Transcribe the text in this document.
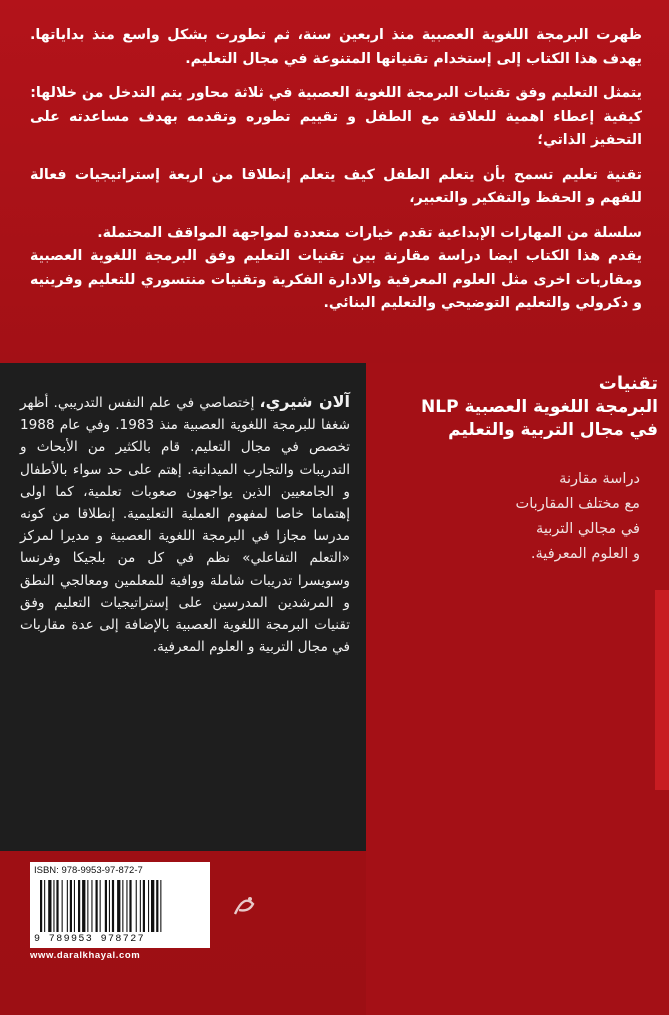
ظهرت البرمجة اللغوية العصبية منذ اربعين سنة، ثم تطورت بشكل واسع منذ بداياتها. يهدف هذا الكتاب إلى إستخدام تقنياتها المتنوعة في مجال التعليم.

يتمثل التعليم وفق تقنيات البرمجة اللغوية العصبية في ثلاثة محاور يتم التدخل من خلالها:

كيفية إعطاء اهمية للعلاقة مع الطفل و تقييم تطوره وتقدمه بهدف مساعدته على التحفيز الذاتي؛

تقنية تعليم تسمح بأن يتعلم الطفل كيف يتعلم إنطلاقا من اربعة إستراتيجيات فعالة للفهم و الحفظ والتفكير والتعبير،

سلسلة من المهارات الإبداعية تقدم خيارات متعددة لمواجهة المواقف المحتملة.

يقدم هذا الكتاب ايضا دراسة مقارنة بين تقنيات التعليم وفق البرمجة اللغوية العصبية ومقاربات اخرى مثل العلوم المعرفية والادارة الفكرية وتقنيات منتسوري للتعليم وفرينيه و دكرولي والتعليم التوضيحي والتعليم البنائي.

آلان شيري، إختصاصي في علم النفس التدريبي. أظهر شغفا للبرمجة اللغوية العصبية منذ 1983. وفي عام 1988 تخصص في مجال التعليم. قام بالكثير من الأبحاث و التدريبات والتجارب الميدانية. إهتم على حد سواء بالأطفال و الجامعيين الذين يواجهون صعوبات تعلمية، كما اولى إهتماما خاصا لمفهوم العملية التعليمية. إنطلاقا من كونه مدرسا مجازا في البرمجة اللغوية العصبية و مديرا لمركز «التعلم التفاعلي» نظم في كل من بلجيكا وفرنسا وسويسرا تدريبات شاملة ووافية للمعلمين ومعالجي النطق و المرشدين المدرسين على إستراتيجيات التعليم وفق تقنيات البرمجة اللغوية العصبية بالإضافة إلى عدة مقاربات في مجال التربية و العلوم المعرفية.
تقنيات
البرمجة اللغوية العصبية NLP
في مجال التربية والتعليم
دراسة مقارنة
مع مختلف المقاربات
في مجالي التربية
و العلوم المعرفية.
ISBN: 978-9953-97-872-7
9 789953 978727
www.daralkhayal.com
